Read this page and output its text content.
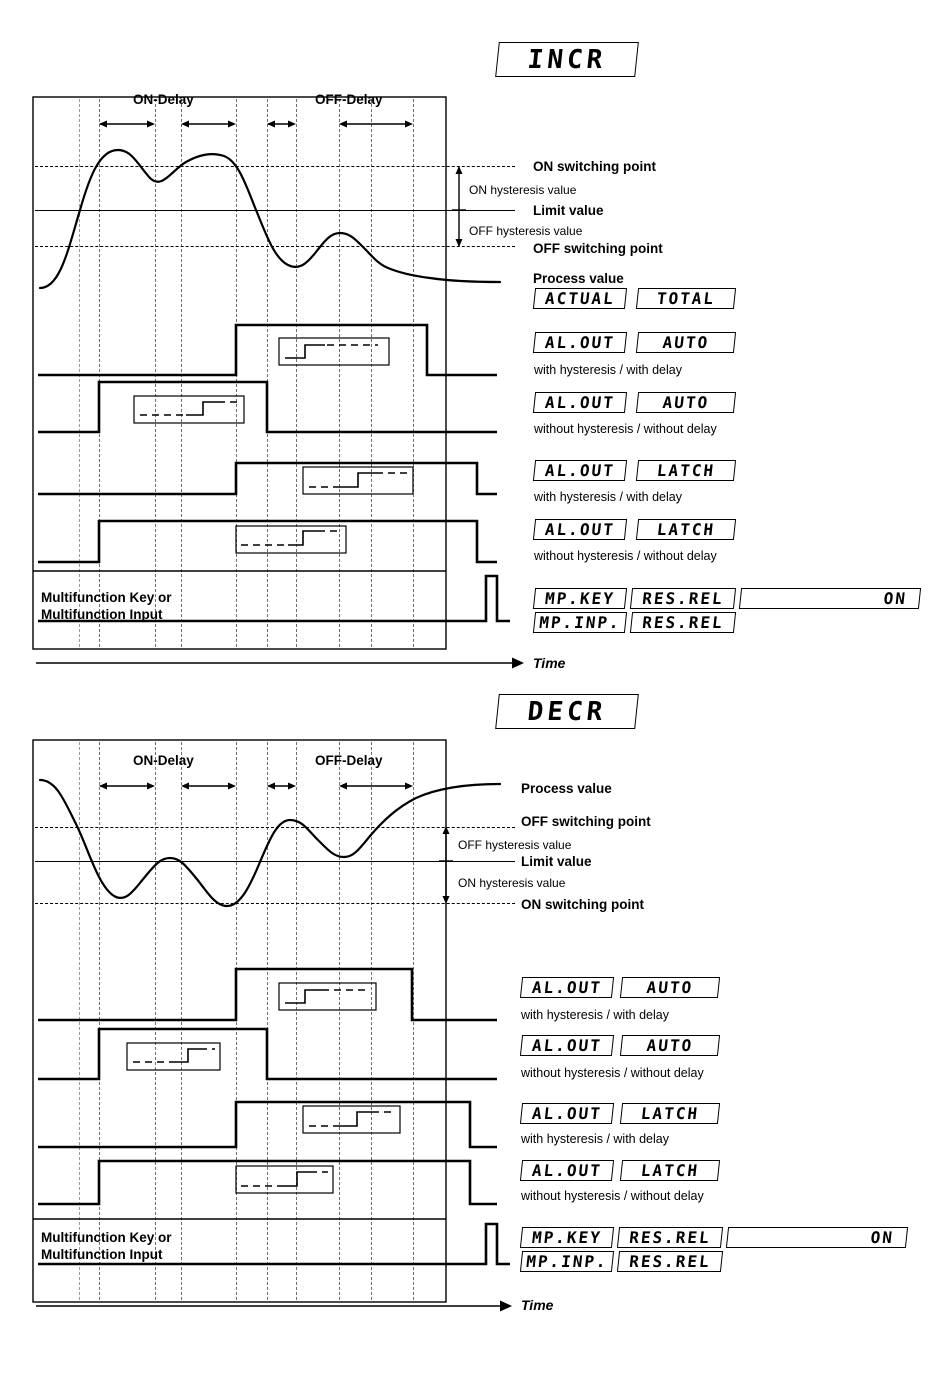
INCR
ON-Delay	OFF-Delay
ON switching point
ON hysteresis value
Limit value
OFF hysteresis value
OFF switching point
Process value
ACTUAL	TOTAL
AL.OUT	AUTO
with hysteresis / with delay
AL.OUT	AUTO
without hysteresis / without delay
AL.OUT	LATCH
with hysteresis / with delay
AL.OUT	LATCH
without hysteresis / without delay
Multifunction Key or
Multifunction Input
MP.KEY RES.REL	ON
MP.INP. RES.REL
Time
DECR
ON-Delay	OFF-Delay
Process value
OFF switching point
OFF hysteresis value
Limit value
ON hysteresis value
ON switching point
AL.OUT	AUTO
with hysteresis / with delay
AL.OUT	AUTO
without hysteresis / without delay
AL.OUT LATCH
with hysteresis / with delay
AL.OUT LATCH
without hysteresis / without delay
Multifunction Key or
Multifunction Input
MP.KEY RES.REL	ON
MP.INP. RES.REL
Time
